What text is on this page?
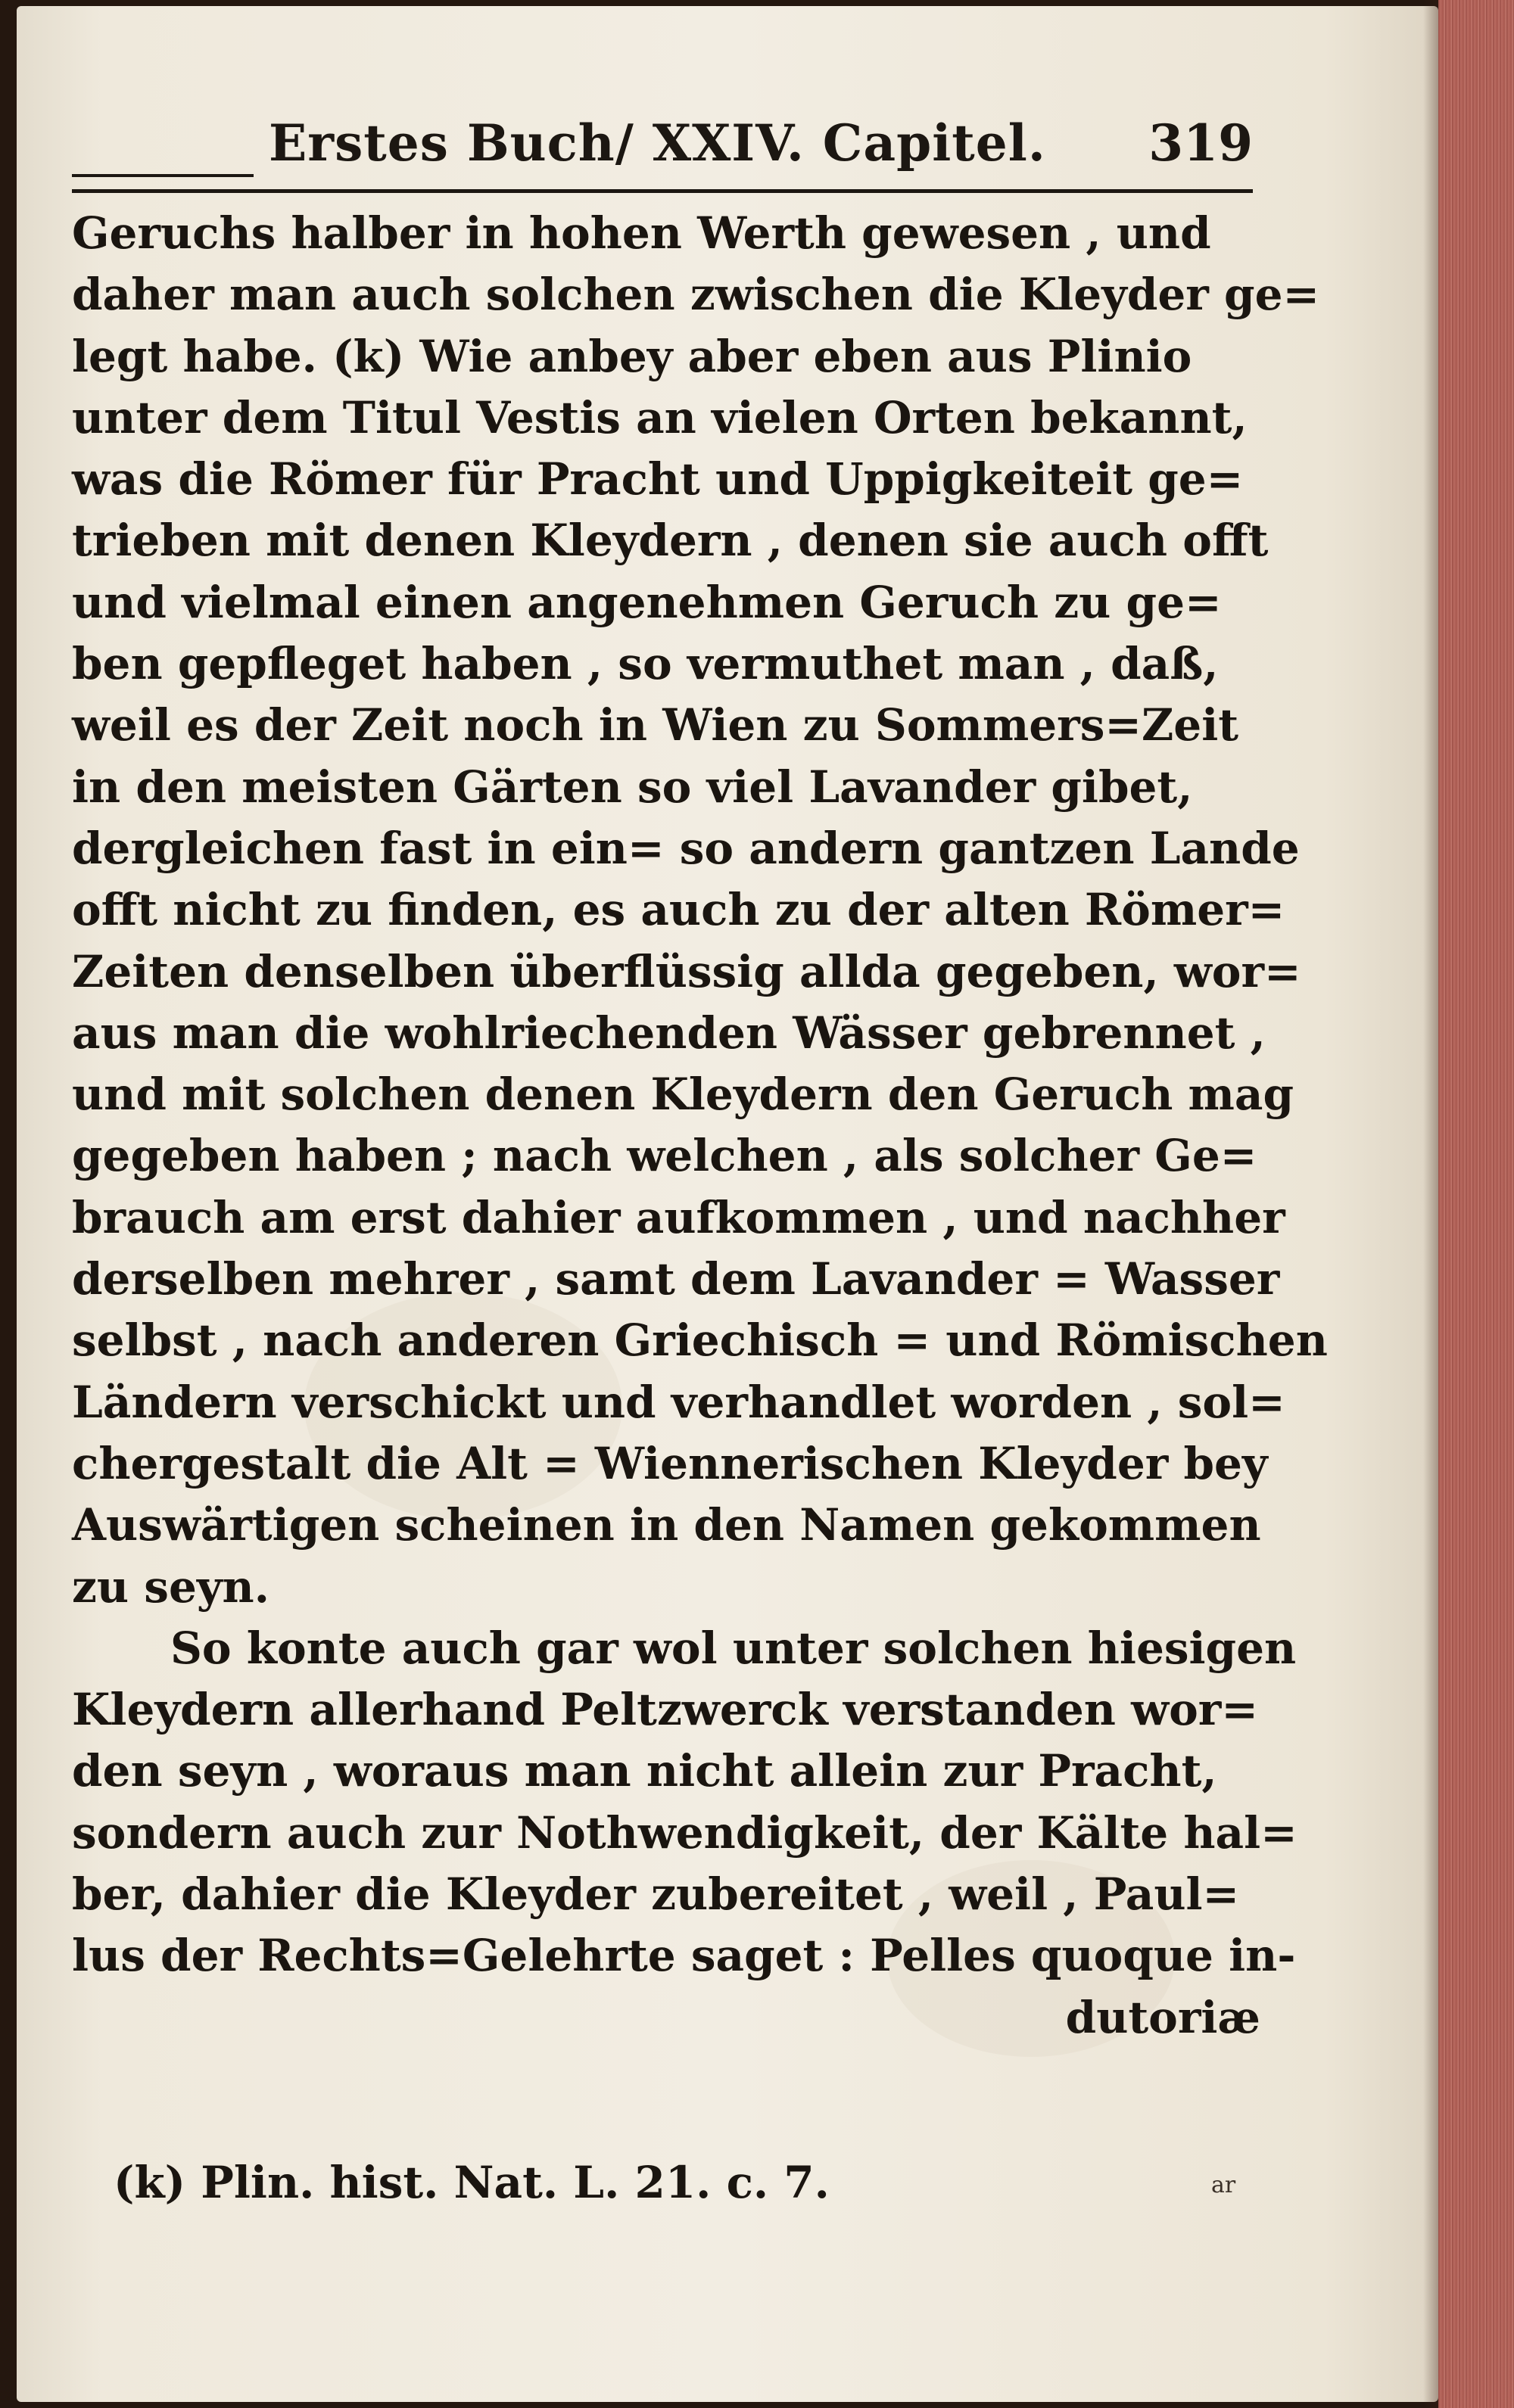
Erstes Buch/ XXIV. Capitel. 319
Geruchs halber in hohen Werth gewesen , und
daher man auch solchen zwischen die Kleyder ge=
legt habe. (k) Wie anbey aber eben aus Plinio
unter dem Titul Vestis an vielen Orten bekannt,
was die Römer für Pracht und Uppigkeiteit ge=
trieben mit denen Kleydern , denen sie auch offt
und vielmal einen angenehmen Geruch zu ge=
ben gepfleget haben , so vermuthet man , daß,
weil es der Zeit noch in Wien zu Sommers=Zeit
in den meisten Gärten so viel Lavander gibet,
dergleichen fast in ein= so andern gantzen Lande
offt nicht zu finden, es auch zu der alten Römer=
Zeiten denselben überflüssig allda gegeben, wor=
aus man die wohlriechenden Wässer gebrennet ,
und mit solchen denen Kleydern den Geruch mag
gegeben haben ; nach welchen , als solcher Ge=
brauch am erst dahier aufkommen , und nachher
derselben mehrer , samt dem Lavander = Wasser
selbst , nach anderen Griechisch = und Römischen
Ländern verschickt und verhandlet worden , sol=
chergestalt die Alt = Wiennerischen Kleyder bey
Auswärtigen scheinen in den Namen gekommen
zu seyn.
So konte auch gar wol unter solchen hiesigen
Kleydern allerhand Peltzwerck verstanden wor=
den seyn , woraus man nicht allein zur Pracht,
sondern auch zur Nothwendigkeit, der Kälte hal=
ber, dahier die Kleyder zubereitet , weil , Paul=
lus der Rechts=Gelehrte saget : Pelles quoque in-
dutoriæ
(k) Plin. hist. Nat. L. 21. c. 7.	ar
